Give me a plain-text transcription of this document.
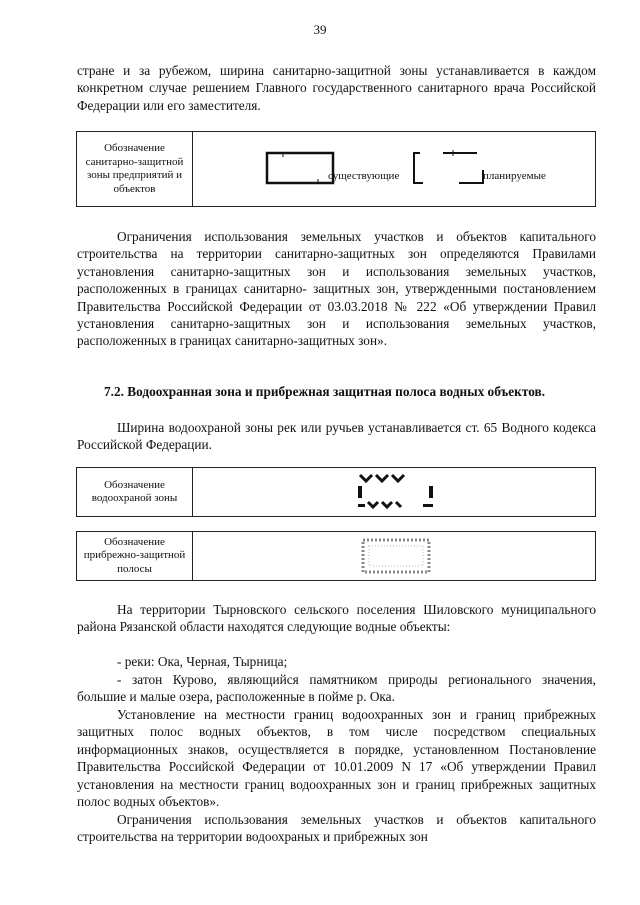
39

стране и за рубежом, ширина санитарно-защитной зоны устанавливается в каждом конкретном случае решением Главного государственного санитарного врача Российской Федерации или его заместителя.

Обозначение санитарно-защитной зоны предприятий и объектов
существующие	планируемые

Ограничения использования земельных участков и объектов капитального строительства на территории санитарно-защитных зон определяются Правилами установления санитарно-защитных зон и использования земельных участков, расположенных в границах санитарно- защитных зон, утвержденными постановлением Правительства Российской Федерации от 03.03.2018 № 222 «Об утверждении Правил установления санитарно-защитных зон и использования земельных участков, расположенных в границах санитарно-защитных зон».

7.2. Водоохранная зона и прибрежная защитная полоса водных объектов.

Ширина водоохраной зоны рек или ручьев устанавливается ст. 65 Водного кодекса Российской Федерации.

Обозначение водоохраной зоны
Обозначение прибрежно-защитной полосы

На территории Тырновского сельского поселения Шиловского муниципального района Рязанской области находятся следующие водные объекты:

- реки: Ока, Черная, Тырница;

- затон Курово, являющийся памятником природы регионального значения, большие и малые озера, расположенные в пойме р. Ока.

Установление на местности границ водоохранных зон и границ прибрежных защитных полос водных объектов, в том числе посредством специальных информационных знаков, осуществляется в порядке, установленном Постановление Правительства Российской Федерации от 10.01.2009 N 17 «Об утверждении Правил установления на местности границ водоохранных зон и границ прибрежных защитных полос водных объектов».

Ограничения использования земельных участков и объектов капитального строительства на территории водоохраных и прибрежных зон
